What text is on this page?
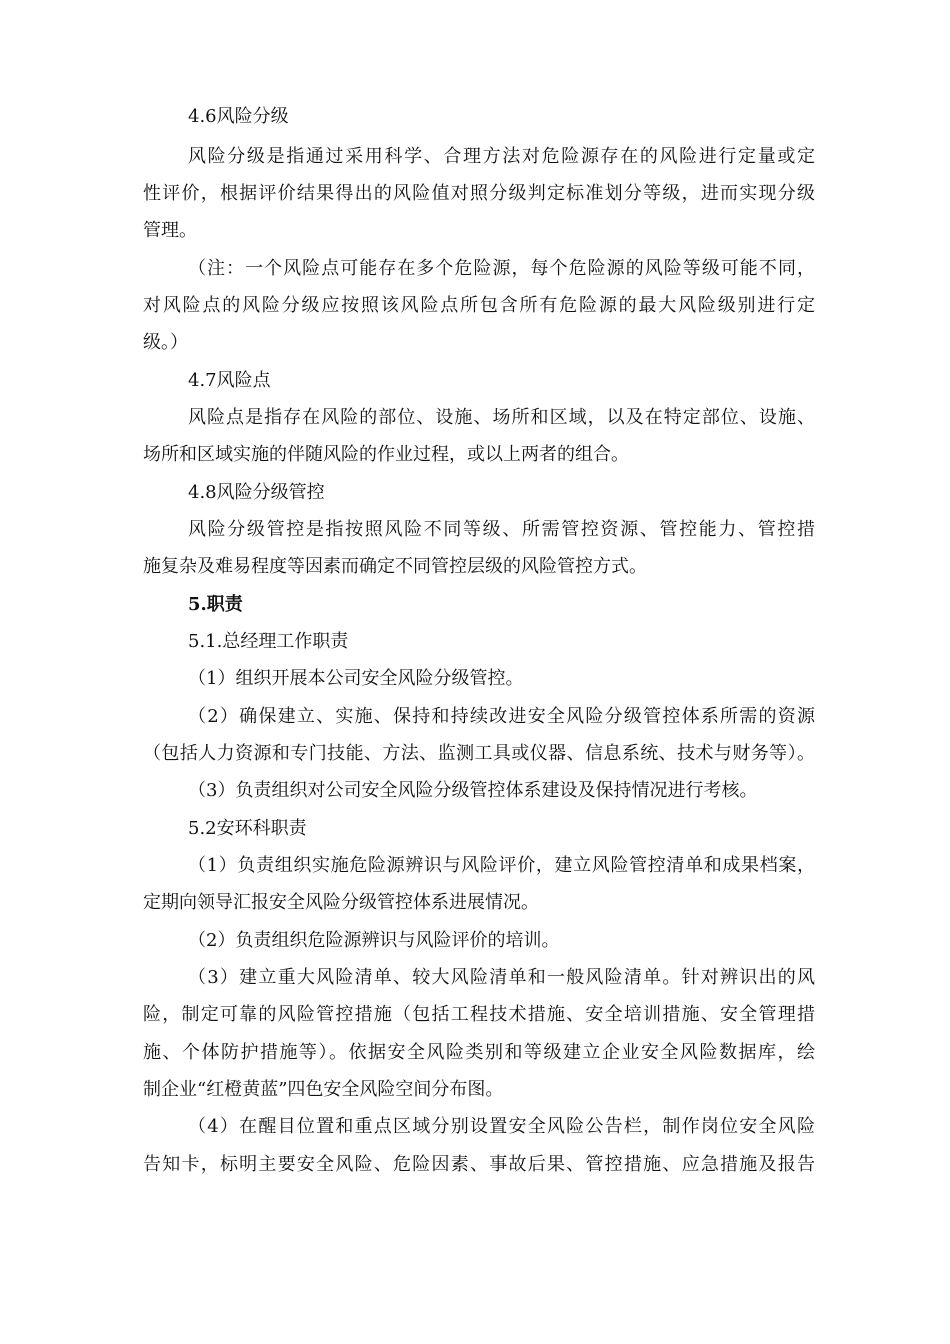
4.6风险分级
风险分级是指通过采用科学、合理方法对危险源存在的风险进行定量或定
性评价，根据评价结果得出的风险值对照分级判定标准划分等级，进而实现分级
管理。
（注：一个风险点可能存在多个危险源，每个危险源的风险等级可能不同，
对风险点的风险分级应按照该风险点所包含所有危险源的最大风险级别进行定
级。）
4.7风险点
风险点是指存在风险的部位、设施、场所和区域，以及在特定部位、设施、
场所和区域实施的伴随风险的作业过程，或以上两者的组合。
4.8风险分级管控
风险分级管控是指按照风险不同等级、所需管控资源、管控能力、管控措
施复杂及难易程度等因素而确定不同管控层级的风险管控方式。
5.职责
5.1.总经理工作职责
（1）组织开展本公司安全风险分级管控。
（2）确保建立、实施、保持和持续改进安全风险分级管控体系所需的资源
（包括人力资源和专门技能、方法、监测工具或仪器、信息系统、技术与财务等）。
（3）负责组织对公司安全风险分级管控体系建设及保持情况进行考核。
5.2安环科职责
（1）负责组织实施危险源辨识与风险评价，建立风险管控清单和成果档案，
定期向领导汇报安全风险分级管控体系进展情况。
（2）负责组织危险源辨识与风险评价的培训。
（3）建立重大风险清单、较大风险清单和一般风险清单。针对辨识出的风
险，制定可靠的风险管控措施（包括工程技术措施、安全培训措施、安全管理措
施、个体防护措施等）。依据安全风险类别和等级建立企业安全风险数据库，绘
制企业“红橙黄蓝”四色安全风险空间分布图。
（4）在醒目位置和重点区域分别设置安全风险公告栏，制作岗位安全风险
告知卡，标明主要安全风险、危险因素、事故后果、管控措施、应急措施及报告
